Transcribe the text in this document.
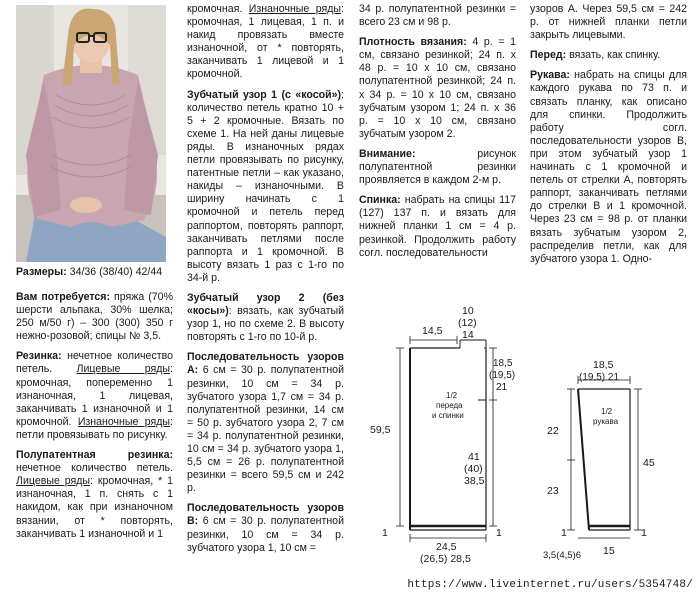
Размеры: 34/36 (38/40) 42/44

Вам потребуется: пряжа (70% шерсти альпака, 30% шелка; 250 м/50 г) – 300 (300) 350 г нежно-розовой; спицы № 3,5.

Резинка: нечетное количество петель. Лицевые ряды: кромочная, попеременно 1 изнаночная, 1 лицевая, заканчивать 1 изнаночной и 1 кромочной. Изнаночные ряды: петли провязывать по рисунку.

Полупатентная резинка: нечетное количество петель. Лицевые ряды: кромочная, * 1 изнаночная, 1 п. снять с 1 накидом, как при изнаночном вязании, от * повторять, заканчивать 1 изнаночной и 1

кромочная. Изнаночные ряды: кромочная, 1 лицевая, 1 п. и накид провязать вместе изнаночной, от * повторять, заканчивать 1 лицевой и 1 кромочной.

Зубчатый узор 1 (с «косой»): количество петель кратно 10 + 5 + 2 кромочные. Вязать по схеме 1. На ней даны лицевые ряды. В изнаночных рядах петли провязывать по рисунку, патентные петли – как указано, накиды – изнаночными. В ширину начинать с 1 кромочной и петель перед раппортом, повторять раппорт, заканчивать петлями после раппорта и 1 кромочной. В высоту вязать 1 раз с 1-го по 34-й р.

Зубчатый узор 2 (без «косы»): вязать, как зубчатый узор 1, но по схеме 2. В высоту повторять с 1-го по 10-й р.

Последовательность узоров А: 6 см = 30 р. полупатентной резинки, 10 см = 34 р. зубчатого узора 1,7 см = 34 р. полупатентной резинки, 14 см = 50 р. зубчатого узора 2, 7 см = 34 р. полупатентной резинки, 10 см = 34 р. зубчатого узора 1, 5,5 см = 26 р. полупатентной резинки = всего 59,5 см и 242 р.

Последовательность узоров В: 6 см = 30 р. полупатентной резинки, 10 см = 34 р. зубчатого узора 1, 10 см =

34 р. полупатентной резинки = всего 23 см и 98 р.

Плотность вязания: 4 р. = 1 см, связано резинкой; 24 п. х 48 р. = 10 х 10 см, связано полупатентной резинкой; 24 п. х 34 р. = 10 х 10 см, связано зубчатым узором 1; 24 п. х 36 р. = 10 х 10 см, связано зубчатым узором 2.

Внимание: рисунок полупатентной резинки проявляется в каждом 2-м р.

Спинка: набрать на спицы 117 (127) 137 п. и вязать для нижней планки 1 см = 4 р. резинкой. Продолжить работу согл. последовательности

узоров А. Через 59,5 см = 242 р. от нижней планки петли закрыть лицевыми.

Перед: вязать, как спинку.

Рукава: набрать на спицы для каждого рукава по 73 п. и связать планку, как описано для спинки. Продолжить работу согл. последовательности узоров В, при этом зубчатый узор 1 начинать с 1 кромочной и петель от стрелки А, повторять раппорт, заканчивать петлями до стрелки В и 1 кромочной. Через 23 см = 98 р. от планки вязать зубчатым узором 2, распределив петли, как для зубчатого узора 1. Одно-

14,5
10
(12)
14
18,5
(19,5)
21
59,5
1/2
переда
и спинки
41
(40)
38,5
1	1
24,5
(26,5) 28,5
18,5
(19,5) 21
1/2
рукава
22
23
45
1	1
3,5(4,5)6 15
https://www.liveinternet.ru/users/5354748/
